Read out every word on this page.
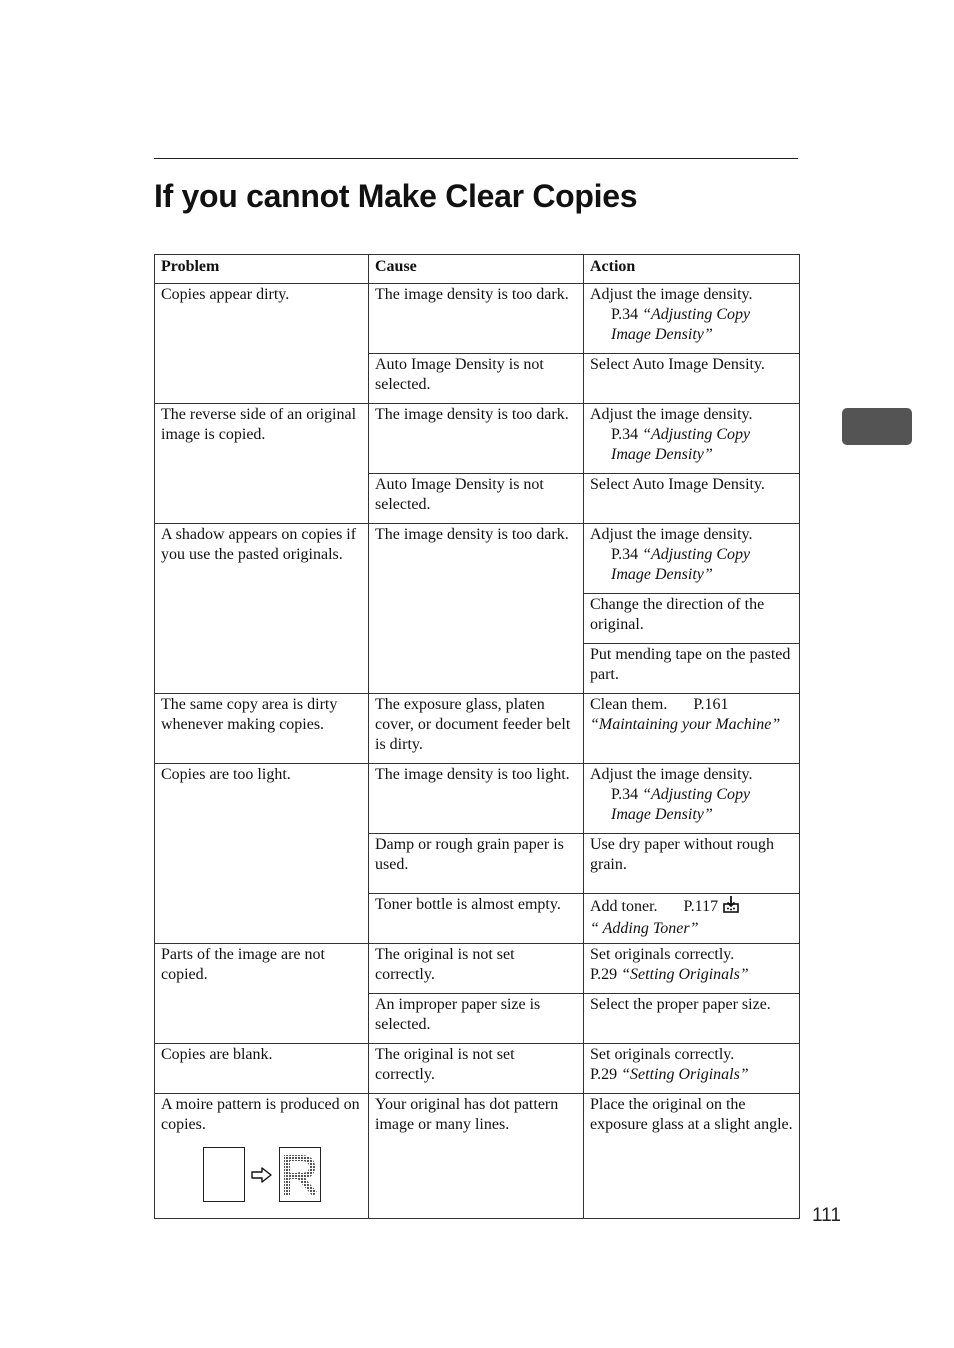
If you cannot Make Clear Copies
Problem	Cause	Action
Copies appear dirty.	The image density is too dark.	Adjust the image density.
P.34 “Adjusting Copy Image Density”

	Auto Image Density is not selected.	Select Auto Image Density.
The reverse side of an original image is copied.	The image density is too dark.	Adjust the image density.
P.34 “Adjusting Copy Image Density”

	Auto Image Density is not selected.	Select Auto Image Density.
A shadow appears on copies if you use the pasted originals.	The image density is too dark.	Adjust the image density.
P.34 “Adjusting Copy Image Density”

		Change the direction of the original.
		Put mending tape on the pasted part.
The same copy area is dirty whenever making copies.	The exposure glass, platen cover, or document feeder belt is dirty.	Clean them. P.161
“Maintaining your Machine”
Copies are too light.	The image density is too light.	Adjust the image density.
P.34 “Adjusting Copy Image Density”

	Damp or rough grain paper is used.	Use dry paper without rough grain.
	Toner bottle is almost empty.	Add toner. P.117
“ Adding Toner”
Parts of the image are not copied.	The original is not set correctly.	Set originals correctly.
P.29 “Setting Originals”

	An improper paper size is selected.	Select the proper paper size.
Copies are blank.	The original is not set correctly.	Set originals correctly.
P.29 “Setting Originals”

A moire pattern is produced on copies.	Your original has dot pattern image or many lines.	Place the original on the exposure glass at a slight angle.
111
